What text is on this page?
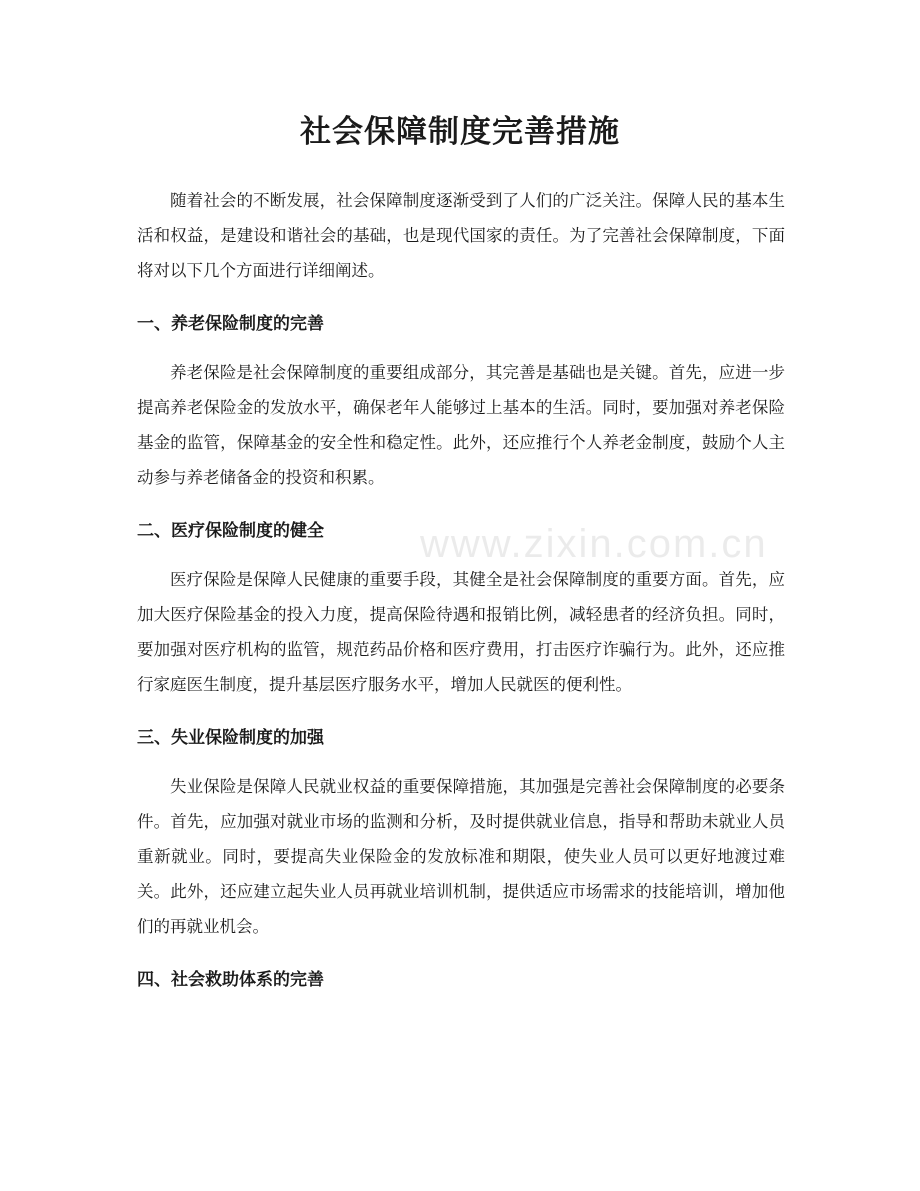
社会保障制度完善措施

随着社会的不断发展，社会保障制度逐渐受到了人们的广泛关注。保障人民的基本生活和权益，是建设和谐社会的基础，也是现代国家的责任。为了完善社会保障制度，下面将对以下几个方面进行详细阐述。

一、养老保险制度的完善

养老保险是社会保障制度的重要组成部分，其完善是基础也是关键。首先，应进一步提高养老保险金的发放水平，确保老年人能够过上基本的生活。同时，要加强对养老保险基金的监管，保障基金的安全性和稳定性。此外，还应推行个人养老金制度，鼓励个人主动参与养老储备金的投资和积累。

二、医疗保险制度的健全

医疗保险是保障人民健康的重要手段，其健全是社会保障制度的重要方面。首先，应加大医疗保险基金的投入力度，提高保险待遇和报销比例，减轻患者的经济负担。同时，要加强对医疗机构的监管，规范药品价格和医疗费用，打击医疗诈骗行为。此外，还应推行家庭医生制度，提升基层医疗服务水平，增加人民就医的便利性。

三、失业保险制度的加强

失业保险是保障人民就业权益的重要保障措施，其加强是完善社会保障制度的必要条件。首先，应加强对就业市场的监测和分析，及时提供就业信息，指导和帮助未就业人员重新就业。同时，要提高失业保险金的发放标准和期限，使失业人员可以更好地渡过难关。此外，还应建立起失业人员再就业培训机制，提供适应市场需求的技能培训，增加他们的再就业机会。

四、社会救助体系的完善
www.zixin.com.cn
